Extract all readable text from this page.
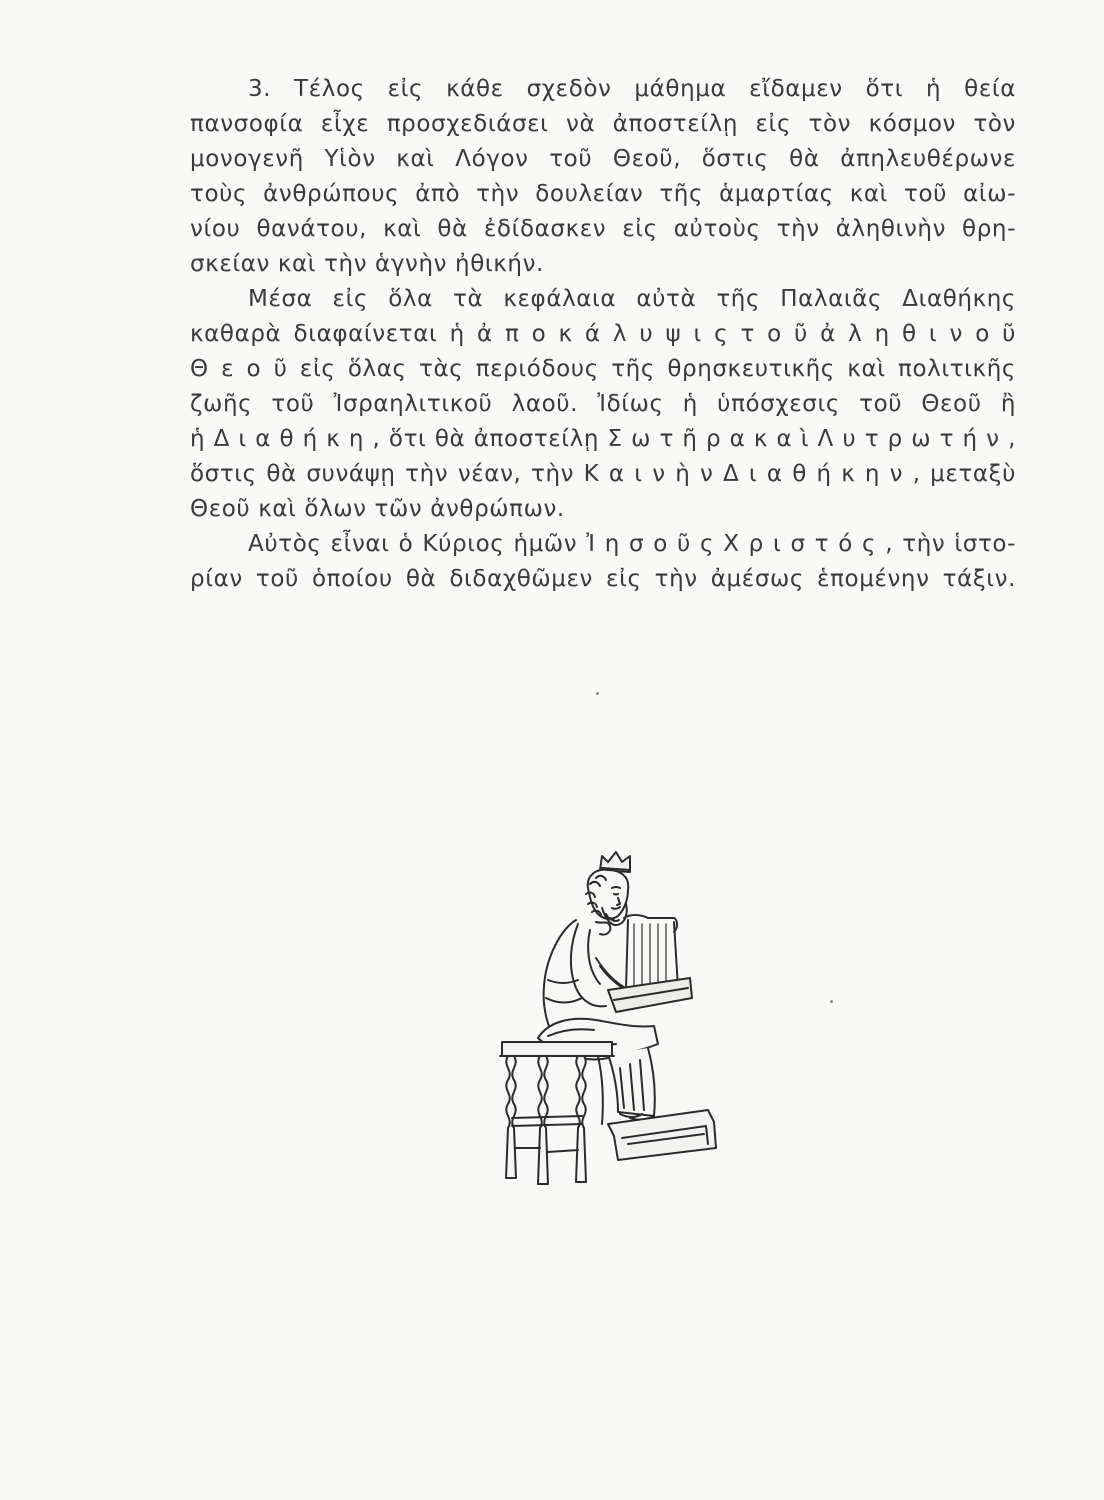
3. Τέλος εἰς κάθε σχεδὸν μάθημα εἴδαμεν ὅτι ἡ θεία
πανσοφία εἶχε προσχεδιάσει νὰ ἀποστείλῃ εἰς τὸν κόσμον τὸν
μονογενῆ Υἱὸν καὶ Λόγον τοῦ Θεοῦ, ὅστις θὰ ἀπηλευθέρωνε
τοὺς ἀνθρώπους ἀπὸ τὴν δουλείαν τῆς ἁμαρτίας καὶ τοῦ αἰω-
νίου θανάτου, καὶ θὰ ἐδίδασκεν εἰς αὐτοὺς τὴν ἀληθινὴν θρη-
σκείαν καὶ τὴν ἁγνὴν ἠθικήν.
Μέσα εἰς ὅλα τὰ κεφάλαια αὐτὰ τῆς Παλαιᾶς Διαθήκης
καθαρὰ διαφαίνεται ἡ ἀ π ο κ ά λ υ ψ ι ς τ ο ῦ ἀ λ η θ ι ν ο ῦ
Θ ε ο ῦ εἰς ὅλας τὰς περιόδους τῆς θρησκευτικῆς καὶ πολιτικῆς
ζωῆς τοῦ Ἰσραηλιτικοῦ λαοῦ. Ἰδίως ἡ ὑπόσχεσις τοῦ Θεοῦ ἢ
ἡ Δ ι α θ ή κ η , ὅτι θὰ ἀποστείλῃ Σ ω τ ῆ ρ α κ α ὶ Λ υ τ ρ ω τ ή ν ,
ὅστις θὰ συνάψῃ τὴν νέαν, τὴν Κ α ι ν ὴ ν Δ ι α θ ή κ η ν , μεταξὺ
Θεοῦ καὶ ὅλων τῶν ἀνθρώπων.
Αὐτὸς εἶναι ὁ Κύριος ἡμῶν Ἰ η σ ο ῦ ς Χ ρ ι σ τ ό ς , τὴν ἱστο-
ρίαν τοῦ ὁποίου θὰ διδαχθῶμεν εἰς τὴν ἀμέσως ἑπομένην τάξιν.
